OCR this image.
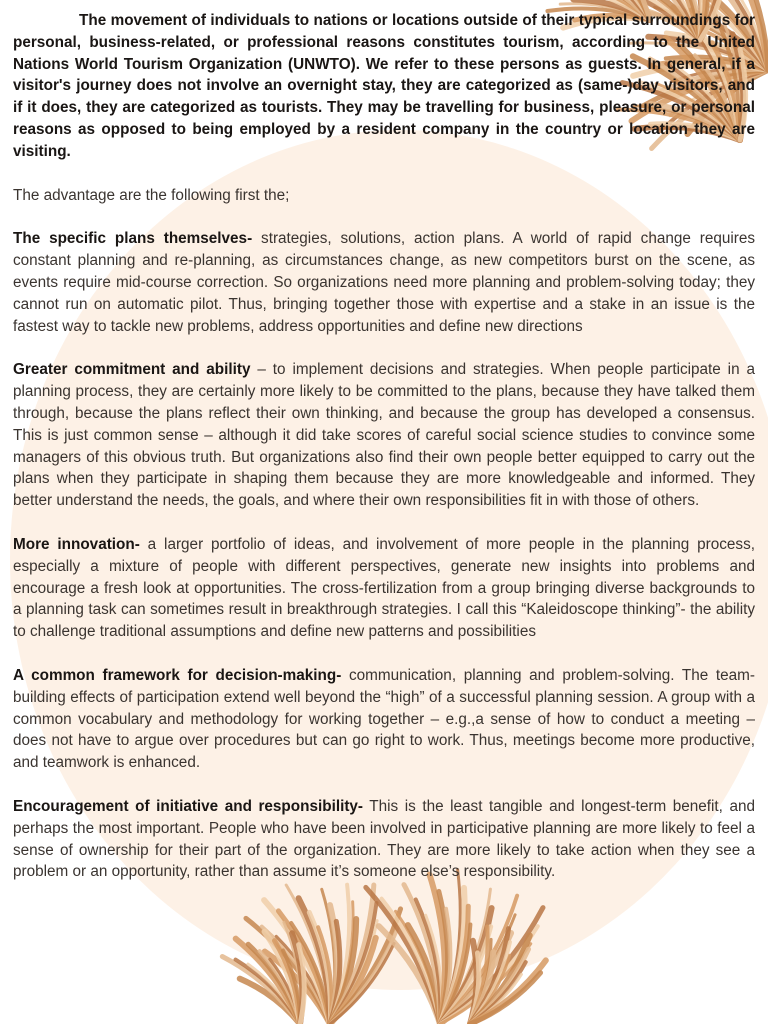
The movement of individuals to nations or locations outside of their typical surroundings for personal, business-related, or professional reasons constitutes tourism, according to the United Nations World Tourism Organization (UNWTO). We refer to these persons as guests. In general, if a visitor's journey does not involve an overnight stay, they are categorized as (same-)day visitors, and if it does, they are categorized as tourists. They may be travelling for business, pleasure, or personal reasons as opposed to being employed by a resident company in the country or location they are visiting.

The advantage are the following first the;

The specific plans themselves- strategies, solutions, action plans. A world of rapid change requires constant planning and re-planning, as circumstances change, as new competitors burst on the scene, as events require mid-course correction. So organizations need more planning and problem-solving today; they cannot run on automatic pilot. Thus, bringing together those with expertise and a stake in an issue is the fastest way to tackle new problems, address opportunities and define new directions

Greater commitment and ability – to implement decisions and strategies. When people participate in a planning process, they are certainly more likely to be committed to the plans, because they have talked them through, because the plans reflect their own thinking, and because the group has developed a consensus. This is just common sense – although it did take scores of careful social science studies to convince some managers of this obvious truth. But organizations also find their own people better equipped to carry out the plans when they participate in shaping them because they are more knowledgeable and informed. They better understand the needs, the goals, and where their own responsibilities fit in with those of others.

More innovation- a larger portfolio of ideas, and involvement of more people in the planning process, especially a mixture of people with different perspectives, generate new insights into problems and encourage a fresh look at opportunities. The cross-fertilization from a group bringing diverse backgrounds to a planning task can sometimes result in breakthrough strategies. I call this “Kaleidoscope thinking”- the ability to challenge traditional assumptions and define new patterns and possibilities

A common framework for decision-making- communication, planning and problem-solving. The team-building effects of participation extend well beyond the “high” of a successful planning session. A group with a common vocabulary and methodology for working together – e.g.,a sense of how to conduct a meeting – does not have to argue over procedures but can go right to work. Thus, meetings become more productive, and teamwork is enhanced.

Encouragement of initiative and responsibility- This is the least tangible and longest-term benefit, and perhaps the most important. People who have been involved in participative planning are more likely to feel a sense of ownership for their part of the organization. They are more likely to take action when they see a problem or an opportunity, rather than assume it’s someone else’s responsibility.
